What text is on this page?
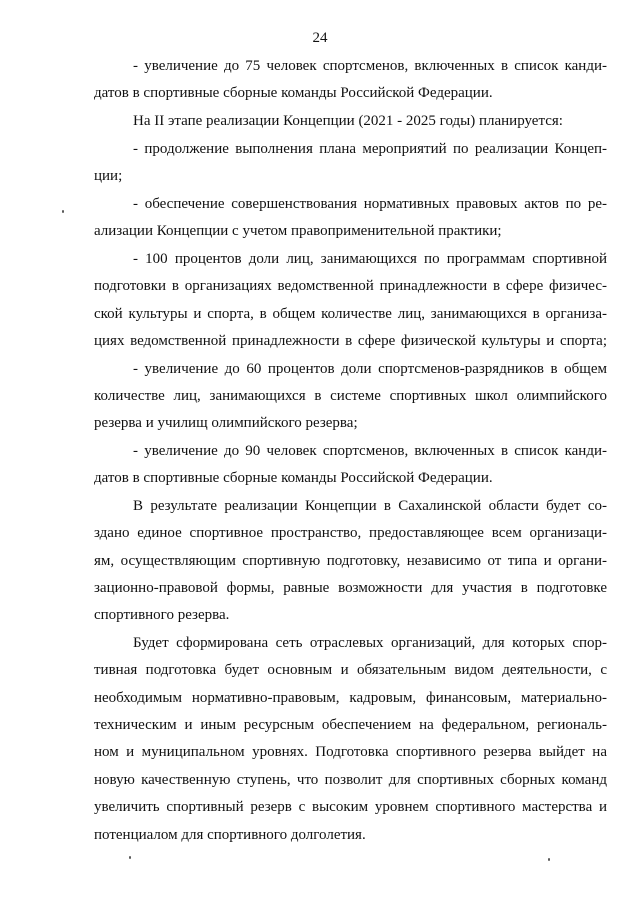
24
- увеличение до 75 человек спортсменов, включенных в список канди-
датов в спортивные сборные команды Российской Федерации.
На II этапе реализации Концепции (2021 - 2025 годы) планируется:
- продолжение выполнения плана мероприятий по реализации Концеп-
ции;
- обеспечение совершенствования нормативных правовых актов по ре-
ализации Концепции с учетом правоприменительной практики;
- 100 процентов доли лиц, занимающихся по программам спортивной
подготовки в организациях ведомственной принадлежности в сфере физичес-
ской культуры и спорта, в общем количестве лиц, занимающихся в организа-
циях ведомственной принадлежности в сфере физической культуры и спорта;
- увеличение до 60 процентов доли спортсменов-разрядников в общем
количестве лиц, занимающихся в системе спортивных школ олимпийского
резерва и училищ олимпийского резерва;
- увеличение до 90 человек спортсменов, включенных в список канди-
датов в спортивные сборные команды Российской Федерации.
В результате реализации Концепции в Сахалинской области будет со-
здано единое спортивное пространство, предоставляющее всем организаци-
ям, осуществляющим спортивную подготовку, независимо от типа и органи-
зационно-правовой формы, равные возможности для участия в подготовке
спортивного резерва.
Будет сформирована сеть отраслевых организаций, для которых спор-
тивная подготовка будет основным и обязательным видом деятельности, с
необходимым нормативно-правовым, кадровым, финансовым, материально-
техническим и иным ресурсным обеспечением на федеральном, региональ-
ном и муниципальном уровнях. Подготовка спортивного резерва выйдет на
новую качественную ступень, что позволит для спортивных сборных команд
увеличить спортивный резерв с высоким уровнем спортивного мастерства и
потенциалом для спортивного долголетия.
